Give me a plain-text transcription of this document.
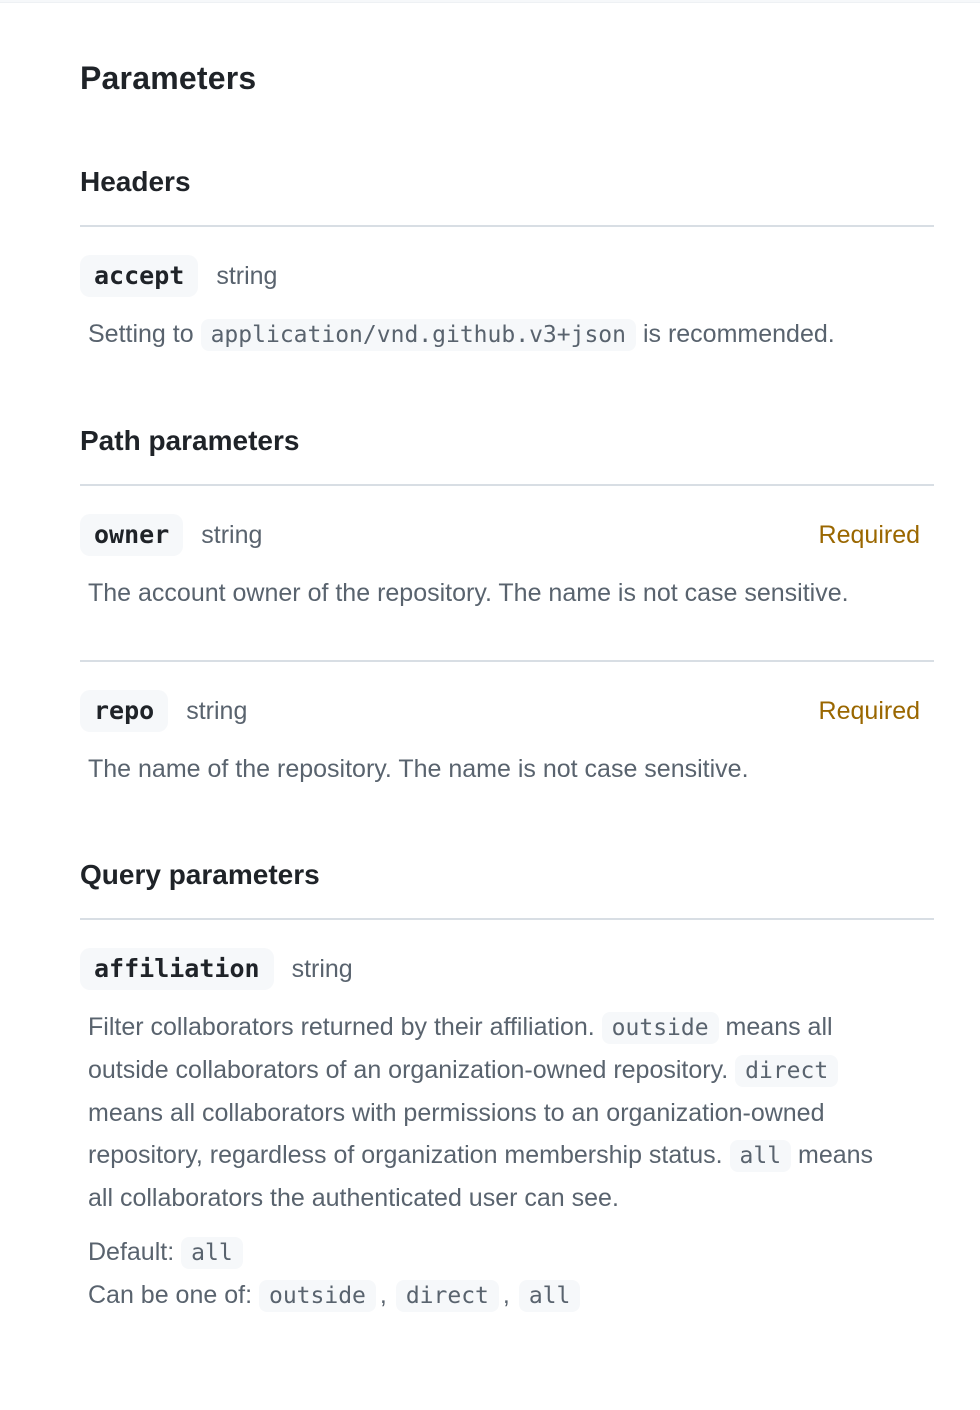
Parameters
Headers
accept	string

Setting to application/vnd.github.v3+json is recommended.

Path parameters
owner	string	Required

The account owner of the repository. The name is not case sensitive.

repo	string	Required

The name of the repository. The name is not case sensitive.

Query parameters
affiliation	string

Filter collaborators returned by their affiliation. outside means all outside collaborators of an organization-owned repository. direct means all collaborators with permissions to an organization-owned repository, regardless of organization membership status. all means all collaborators the authenticated user can see.

Default: all
Can be one of: outside , direct , all
